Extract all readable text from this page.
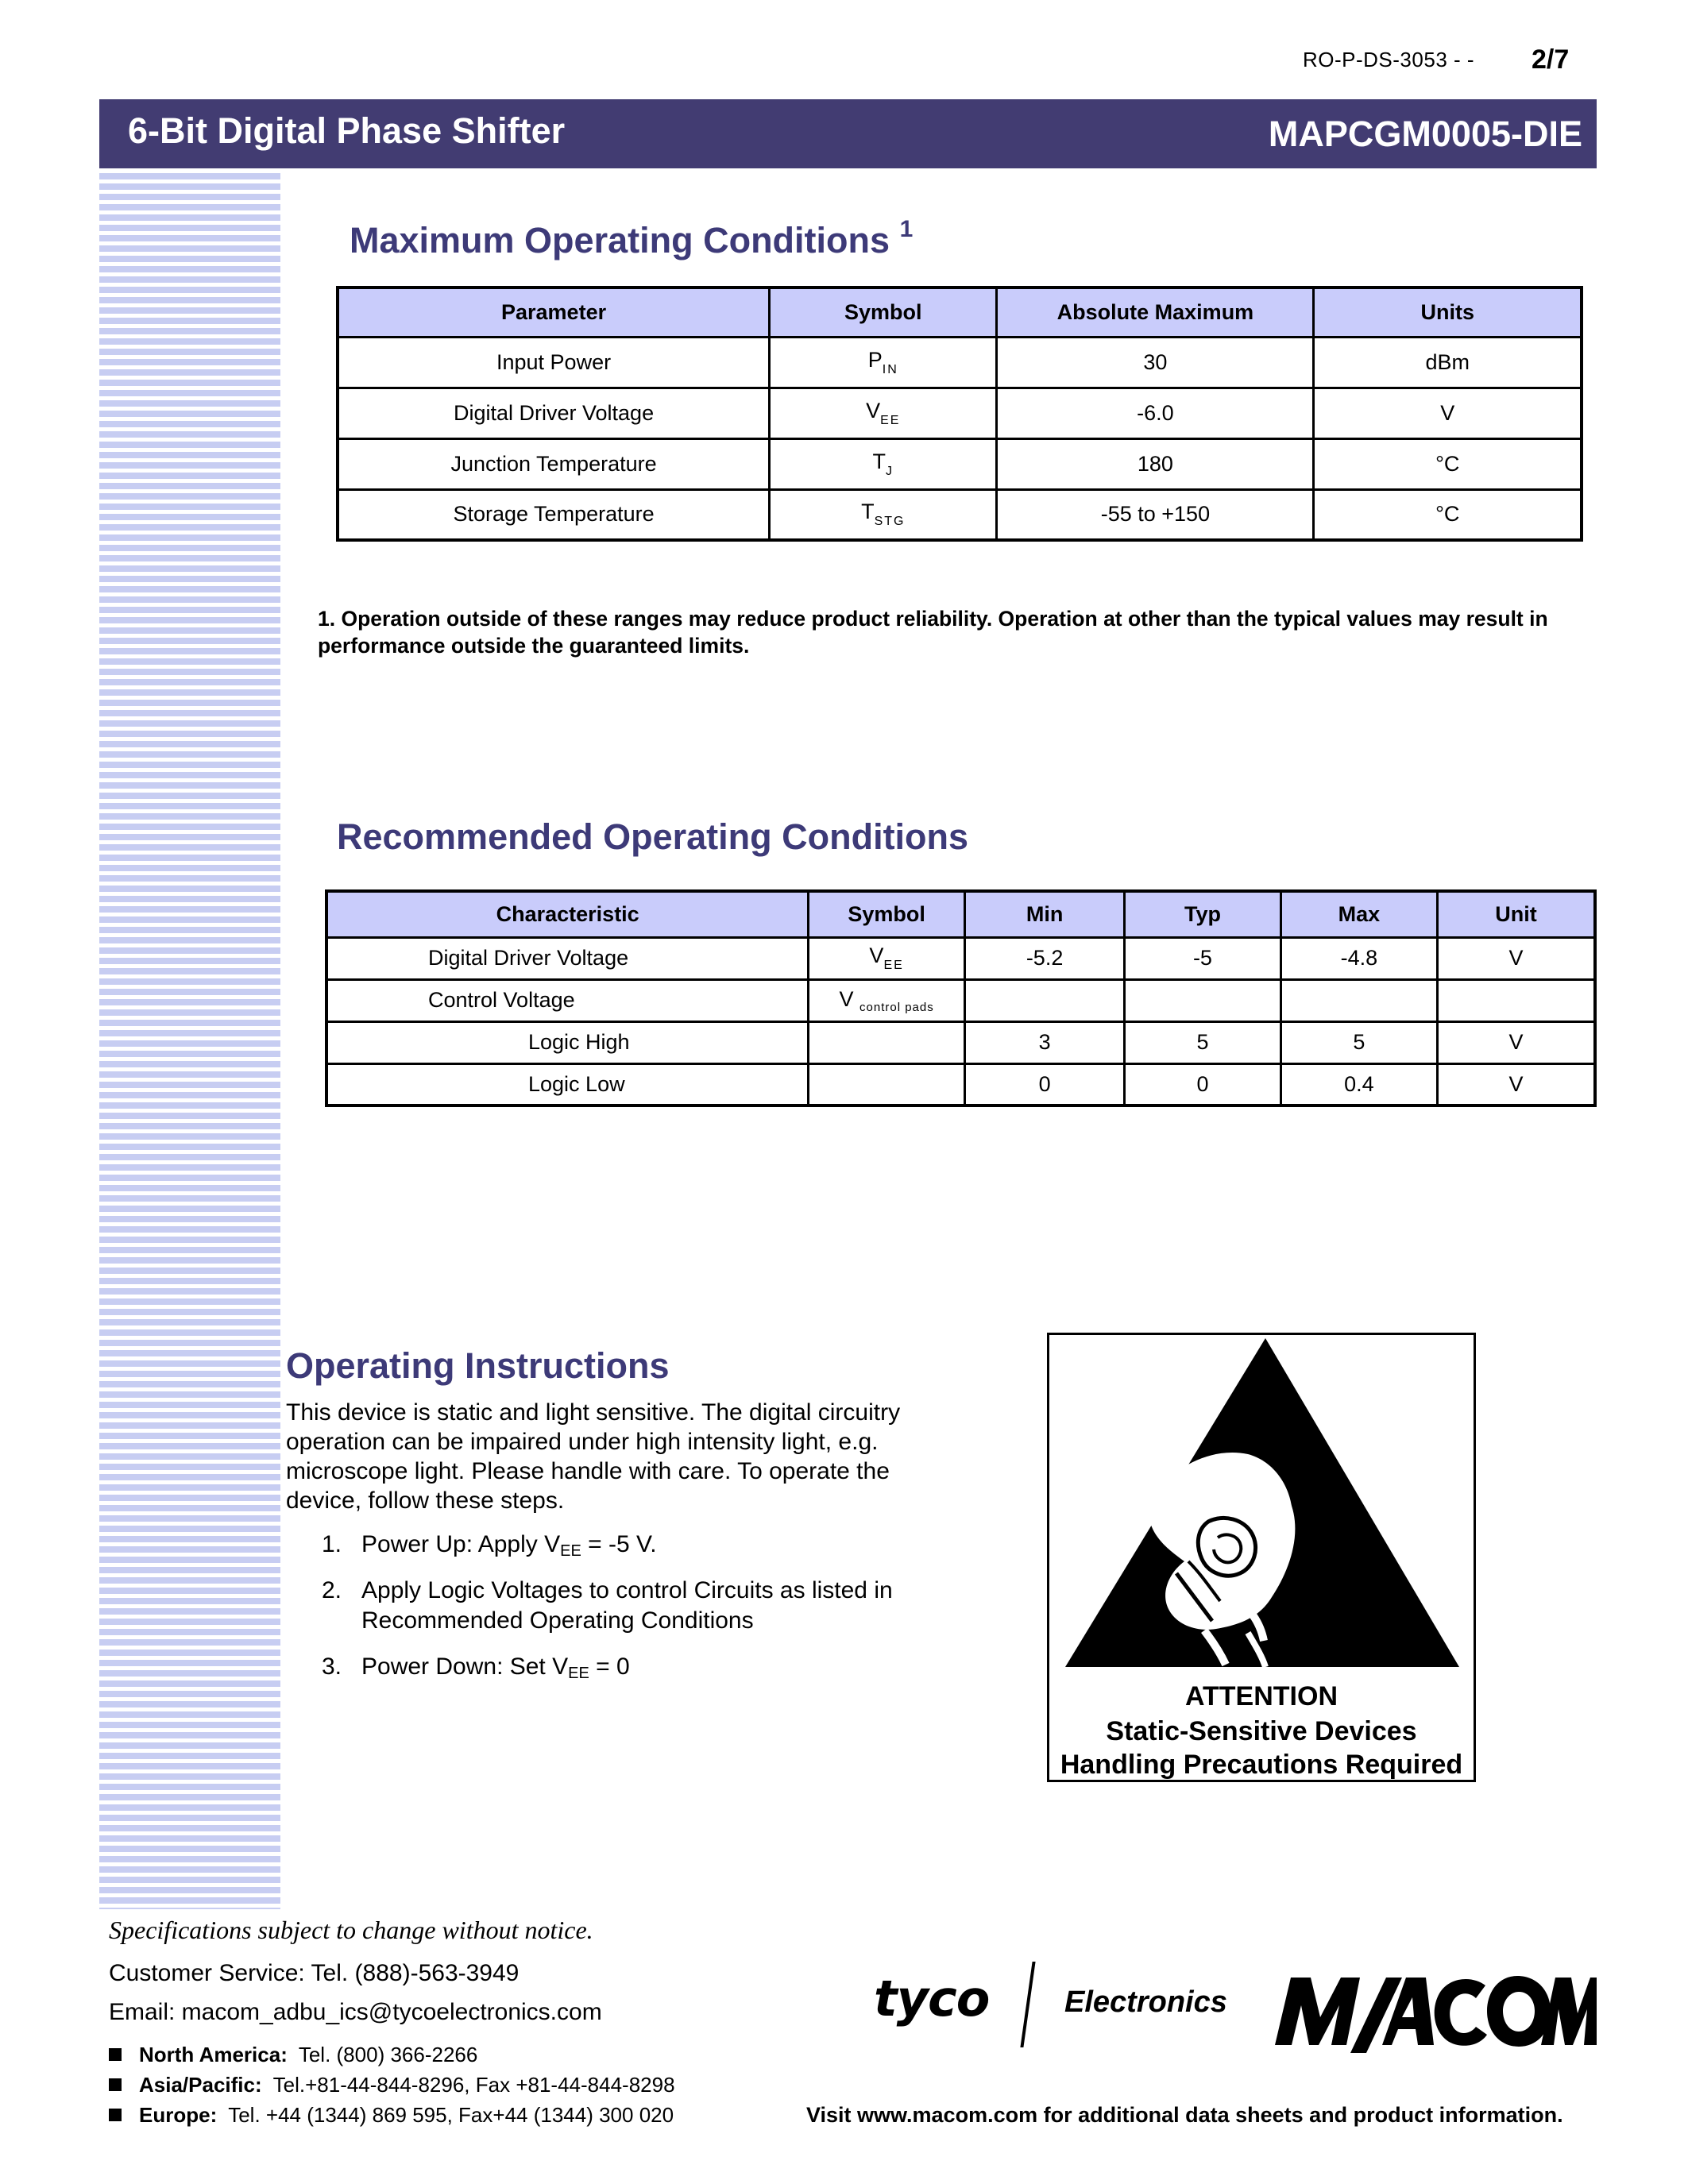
RO-P-DS-3053 - - 2/7
6-Bit Digital Phase Shifter	MAPCGM0005-DIE
Maximum Operating Conditions $^1$
Parameter	Symbol	Absolute Maximum	Units
Input Power	$P_{IN}$	30	dBm
Digital Driver Voltage	$V_{EE}$	-6.0	V
Junction Temperature	$T_J$	180	°C
Storage Temperature	$T_{STG}$	-55 to +150	°C
1. Operation outside of these ranges may reduce product reliability. Operation at other than the typical values may result in performance outside the guaranteed limits.
Recommended Operating Conditions
Characteristic	Symbol	Min	Typ	Max	Unit
Digital Driver Voltage	$V_{EE}$	-5.2	-5	-4.8	V
Control Voltage	V $_{control pads}$				
Logic High		3	5	5	V
Logic Low		0	0	0.4	V
Operating Instructions
This device is static and light sensitive. The digital circuitry operation can be impaired under high intensity light, e.g. microscope light. Please handle with care. To operate the device, follow these steps.
1. Power Up: Apply VEE = -5 V.
2. Apply Logic Voltages to control Circuits as listed in Recommended Operating Conditions
3. Power Down: Set VEE = 0
ATTENTION
Static-Sensitive Devices
Handling Precautions Required
Specifications subject to change without notice.
Customer Service: Tel. (888)-563-3949
Email: macom_adbu_ics@tycoelectronics.com
North America: Tel. (800) 366-2266
Asia/Pacific: Tel.+81-44-844-8296, Fax +81-44-844-8298
Europe: Tel. +44 (1344) 869 595, Fax+44 (1344) 300 020
tyco Electronics
Visit www.macom.com for additional data sheets and product information.
